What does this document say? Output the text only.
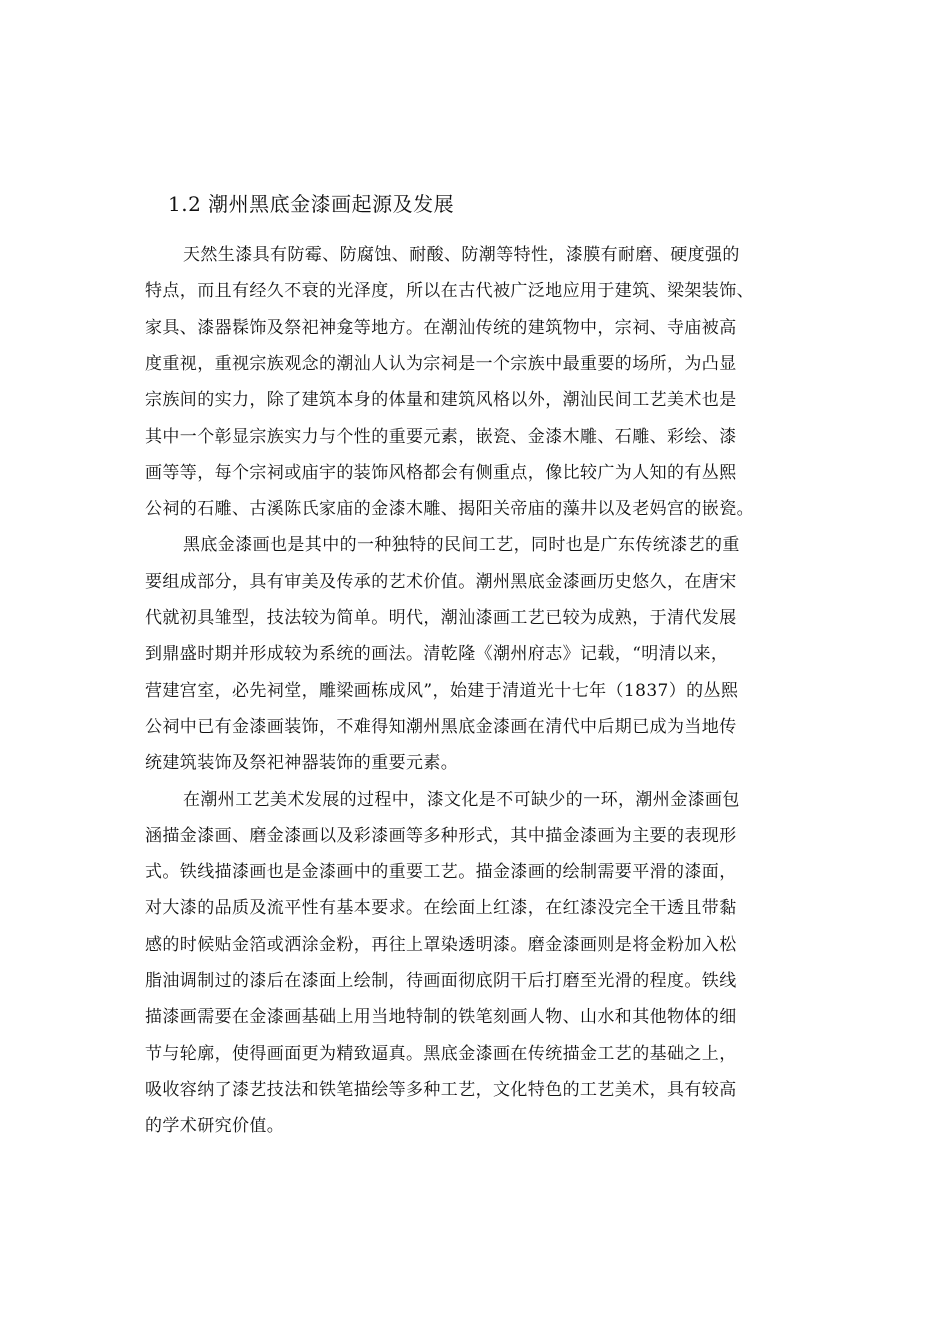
1.2 潮州黑底金漆画起源及发展
天然生漆具有防霉、防腐蚀、耐酸、防潮等特性，漆膜有耐磨、硬度强的
特点，而且有经久不衰的光泽度，所以在古代被广泛地应用于建筑、梁架装饰、
家具、漆器髹饰及祭祀神龛等地方。在潮汕传统的建筑物中，宗祠、寺庙被高
度重视，重视宗族观念的潮汕人认为宗祠是一个宗族中最重要的场所，为凸显
宗族间的实力，除了建筑本身的体量和建筑风格以外，潮汕民间工艺美术也是
其中一个彰显宗族实力与个性的重要元素，嵌瓷、金漆木雕、石雕、彩绘、漆
画等等，每个宗祠或庙宇的装饰风格都会有侧重点，像比较广为人知的有丛熙
公祠的石雕、古溪陈氏家庙的金漆木雕、揭阳关帝庙的藻井以及老妈宫的嵌瓷。
黑底金漆画也是其中的一种独特的民间工艺，同时也是广东传统漆艺的重
要组成部分，具有审美及传承的艺术价值。潮州黑底金漆画历史悠久，在唐宋
代就初具雏型，技法较为简单。明代，潮汕漆画工艺已较为成熟，于清代发展
到鼎盛时期并形成较为系统的画法。清乾隆《潮州府志》记载，“明清以来，
营建宫室，必先祠堂，雕梁画栋成风”，始建于清道光十七年（1837）的丛熙
公祠中已有金漆画装饰，不难得知潮州黑底金漆画在清代中后期已成为当地传
统建筑装饰及祭祀神器装饰的重要元素。
在潮州工艺美术发展的过程中，漆文化是不可缺少的一环，潮州金漆画包
涵描金漆画、磨金漆画以及彩漆画等多种形式，其中描金漆画为主要的表现形
式。铁线描漆画也是金漆画中的重要工艺。描金漆画的绘制需要平滑的漆面，
对大漆的品质及流平性有基本要求。在绘面上红漆，在红漆没完全干透且带黏
感的时候贴金箔或洒涂金粉，再往上罩染透明漆。磨金漆画则是将金粉加入松
脂油调制过的漆后在漆面上绘制，待画面彻底阴干后打磨至光滑的程度。铁线
描漆画需要在金漆画基础上用当地特制的铁笔刻画人物、山水和其他物体的细
节与轮廓，使得画面更为精致逼真。黑底金漆画在传统描金工艺的基础之上，
吸收容纳了漆艺技法和铁笔描绘等多种工艺，文化特色的工艺美术，具有较高
的学术研究价值。
